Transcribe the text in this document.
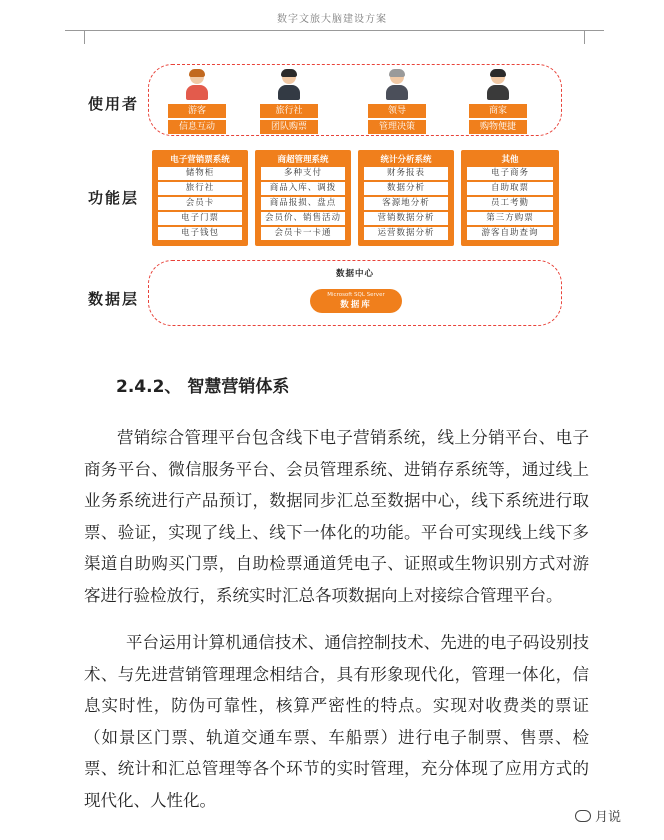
数字文旅大脑建设方案
使用者
功能层
数据层
游客
信息互动
旅行社
团队购票
领导
管理决策
商家
购物便捷
电子营销票系统
储物柜
旅行社
会员卡
电子门票
电子钱包
商超管理系统
多种支付
商品入库、调拨
商品报损、盘点
会员价、销售活动
会员卡一卡通
统计分析系统
财务报表
数据分析
客源地分析
营销数据分析
运营数据分析
其他
电子商务
自助取票
员工考勤
第三方购票
游客自助查询
数据中心
Microsoft SQL Server
数据库
2.4.2、 智慧营销体系

营销综合管理平台包含线下电子营销系统，线上分销平台、电子商务平台、微信服务平台、会员管理系统、进销存系统等，通过线上业务系统进行产品预订，数据同步汇总至数据中心，线下系统进行取票、验证，实现了线上、线下一体化的功能。平台可实现线上线下多渠道自助购买门票，自助检票通道凭电子、证照或生物识别方式对游客进行验检放行，系统实时汇总各项数据向上对接综合管理平台。

平台运用计算机通信技术、通信控制技术、先进的电子码设别技术、与先进营销管理理念相结合，具有形象现代化，管理一体化，信息实时性，防伪可靠性，核算严密性的特点。实现对收费类的票证（如景区门票、轨道交通车票、车船票）进行电子制票、售票、检票、统计和汇总管理等各个环节的实时管理，充分体现了应用方式的现代化、人性化。

月说
